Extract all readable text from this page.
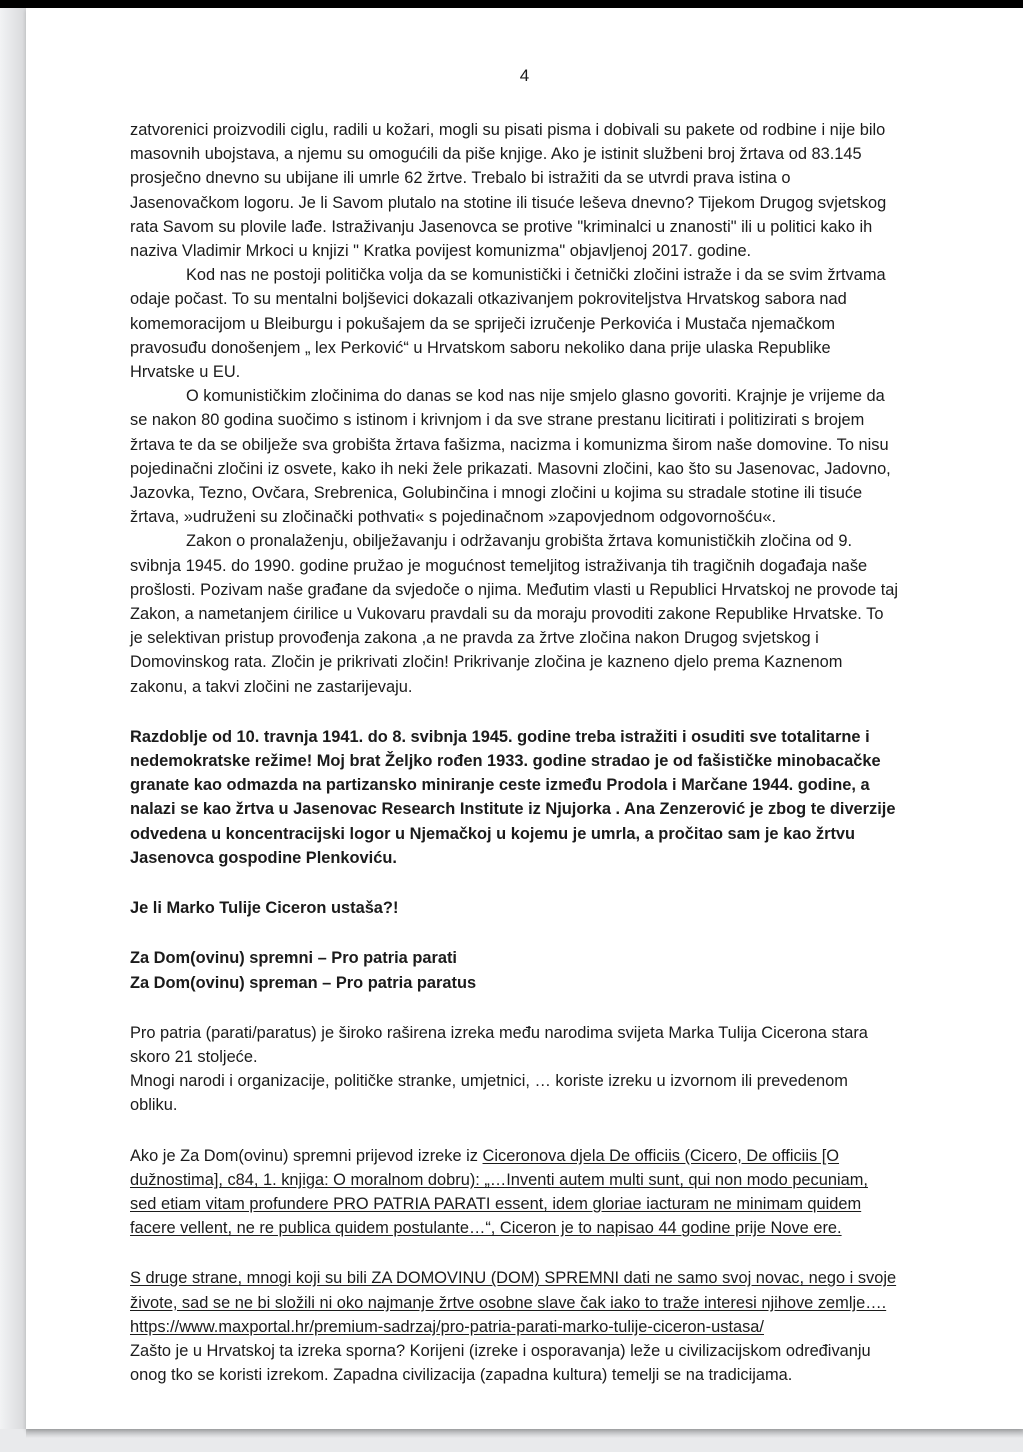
4

zatvorenici proizvodili ciglu, radili u kožari, mogli su pisati pisma i dobivali su pakete od rodbine i nije bilo masovnih ubojstava, a njemu su omogućili da piše knjige. Ako je istinit službeni broj žrtava od 83.145 prosječno dnevno su ubijane ili umrle 62 žrtve. Trebalo bi istražiti da se utvrdi prava istina o Jasenovačkom logoru. Je li Savom plutalo na stotine ili tisuće leševa dnevno? Tijekom Drugog svjetskog rata Savom su plovile lađe. Istraživanju Jasenovca se protive "kriminalci u znanosti" ili u politici kako ih naziva Vladimir Mrkoci u knjizi " Kratka povijest komunizma" objavljenoj 2017. godine.

Kod nas ne postoji politička volja da se komunistički i četnički zločini istraže i da se svim žrtvama odaje počast. To su mentalni boljševici dokazali otkazivanjem pokroviteljstva Hrvatskog sabora nad komemoracijom u Bleiburgu i pokušajem da se spriječi izručenje Perkovića i Mustača njemačkom pravosuđu donošenjem „ lex Perković“ u Hrvatskom saboru nekoliko dana prije ulaska Republike Hrvatske u EU.

O komunističkim zločinima do danas se kod nas nije smjelo glasno govoriti. Krajnje je vrijeme da se nakon 80 godina suočimo s istinom i krivnjom i da sve strane prestanu licitirati i politizirati s brojem žrtava te da se obilježe sva grobišta žrtava fašizma, nacizma i komunizma širom naše domovine. To nisu pojedinačni zločini iz osvete, kako ih neki žele prikazati. Masovni zločini, kao što su Jasenovac, Jadovno, Jazovka, Tezno, Ovčara, Srebrenica, Golubinčina i mnogi zločini u kojima su stradale stotine ili tisuće žrtava, »udruženi su zločinački pothvati« s pojedinačnom »zapovjednom odgovornošću«.

Zakon o pronalaženju, obilježavanju i održavanju grobišta žrtava komunističkih zločina od 9. svibnja 1945. do 1990. godine pružao je mogućnost temeljitog istraživanja tih tragičnih događaja naše prošlosti. Pozivam naše građane da svjedoče o njima. Međutim vlasti u Republici Hrvatskoj ne provode taj Zakon, a nametanjem ćirilice u Vukovaru pravdali su da moraju provoditi zakone Republike Hrvatske. To je selektivan pristup provođenja zakona ,a ne pravda za žrtve zločina nakon Drugog svjetskog i Domovinskog rata. Zločin je prikrivati zločin! Prikrivanje zločina je kazneno djelo prema Kaznenom zakonu, a takvi zločini ne zastarijevaju.

Razdoblje od 10. travnja 1941. do 8. svibnja 1945. godine treba istražiti i osuditi sve totalitarne i nedemokratske režime! Moj brat Željko rođen 1933. godine stradao je od fašističke minobacačke granate kao odmazda na partizansko miniranje ceste između Prodola i Marčane 1944. godine, a nalazi se kao žrtva u Jasenovac Research Institute iz Njujorka . Ana Zenzerović je zbog te diverzije odvedena u koncentracijski logor u Njemačkoj u kojemu je umrla, a pročitao sam je kao žrtvu Jasenovca gospodine Plenkoviću.

Je li Marko Tulije Ciceron ustaša?!

Za Dom(ovinu) spremni – Pro patria parati

Za Dom(ovinu) spreman – Pro patria paratus

Pro patria (parati/paratus) je široko raširena izreka među narodima svijeta Marka Tulija Cicerona stara skoro 21 stoljeće.

Mnogi narodi i organizacije, političke stranke, umjetnici, … koriste izreku u izvornom ili prevedenom obliku.

Ako je Za Dom(ovinu) spremni prijevod izreke iz Ciceronova djela De officiis (Cicero, De officiis [O dužnostima], c84, 1. knjiga: O moralnom dobru): „…Inventi autem multi sunt, qui non modo pecuniam, sed etiam vitam profundere PRO PATRIA PARATI essent, idem gloriae iacturam ne minimam quidem facere vellent, ne re publica quidem postulante…“, Ciceron je to napisao 44 godine prije Nove ere.

S druge strane, mnogi koji su bili ZA DOMOVINU (DOM) SPREMNI dati ne samo svoj novac, nego i svoje živote, sad se ne bi složili ni oko najmanje žrtve osobne slave čak iako to traže interesi njihove zemlje….

https://www.maxportal.hr/premium-sadrzaj/pro-patria-parati-marko-tulije-ciceron-ustasa/

Zašto je u Hrvatskoj ta izreka sporna? Korijeni (izreke i osporavanja) leže u civilizacijskom određivanju onog tko se koristi izrekom. Zapadna civilizacija (zapadna kultura) temelji se na tradicijama.
